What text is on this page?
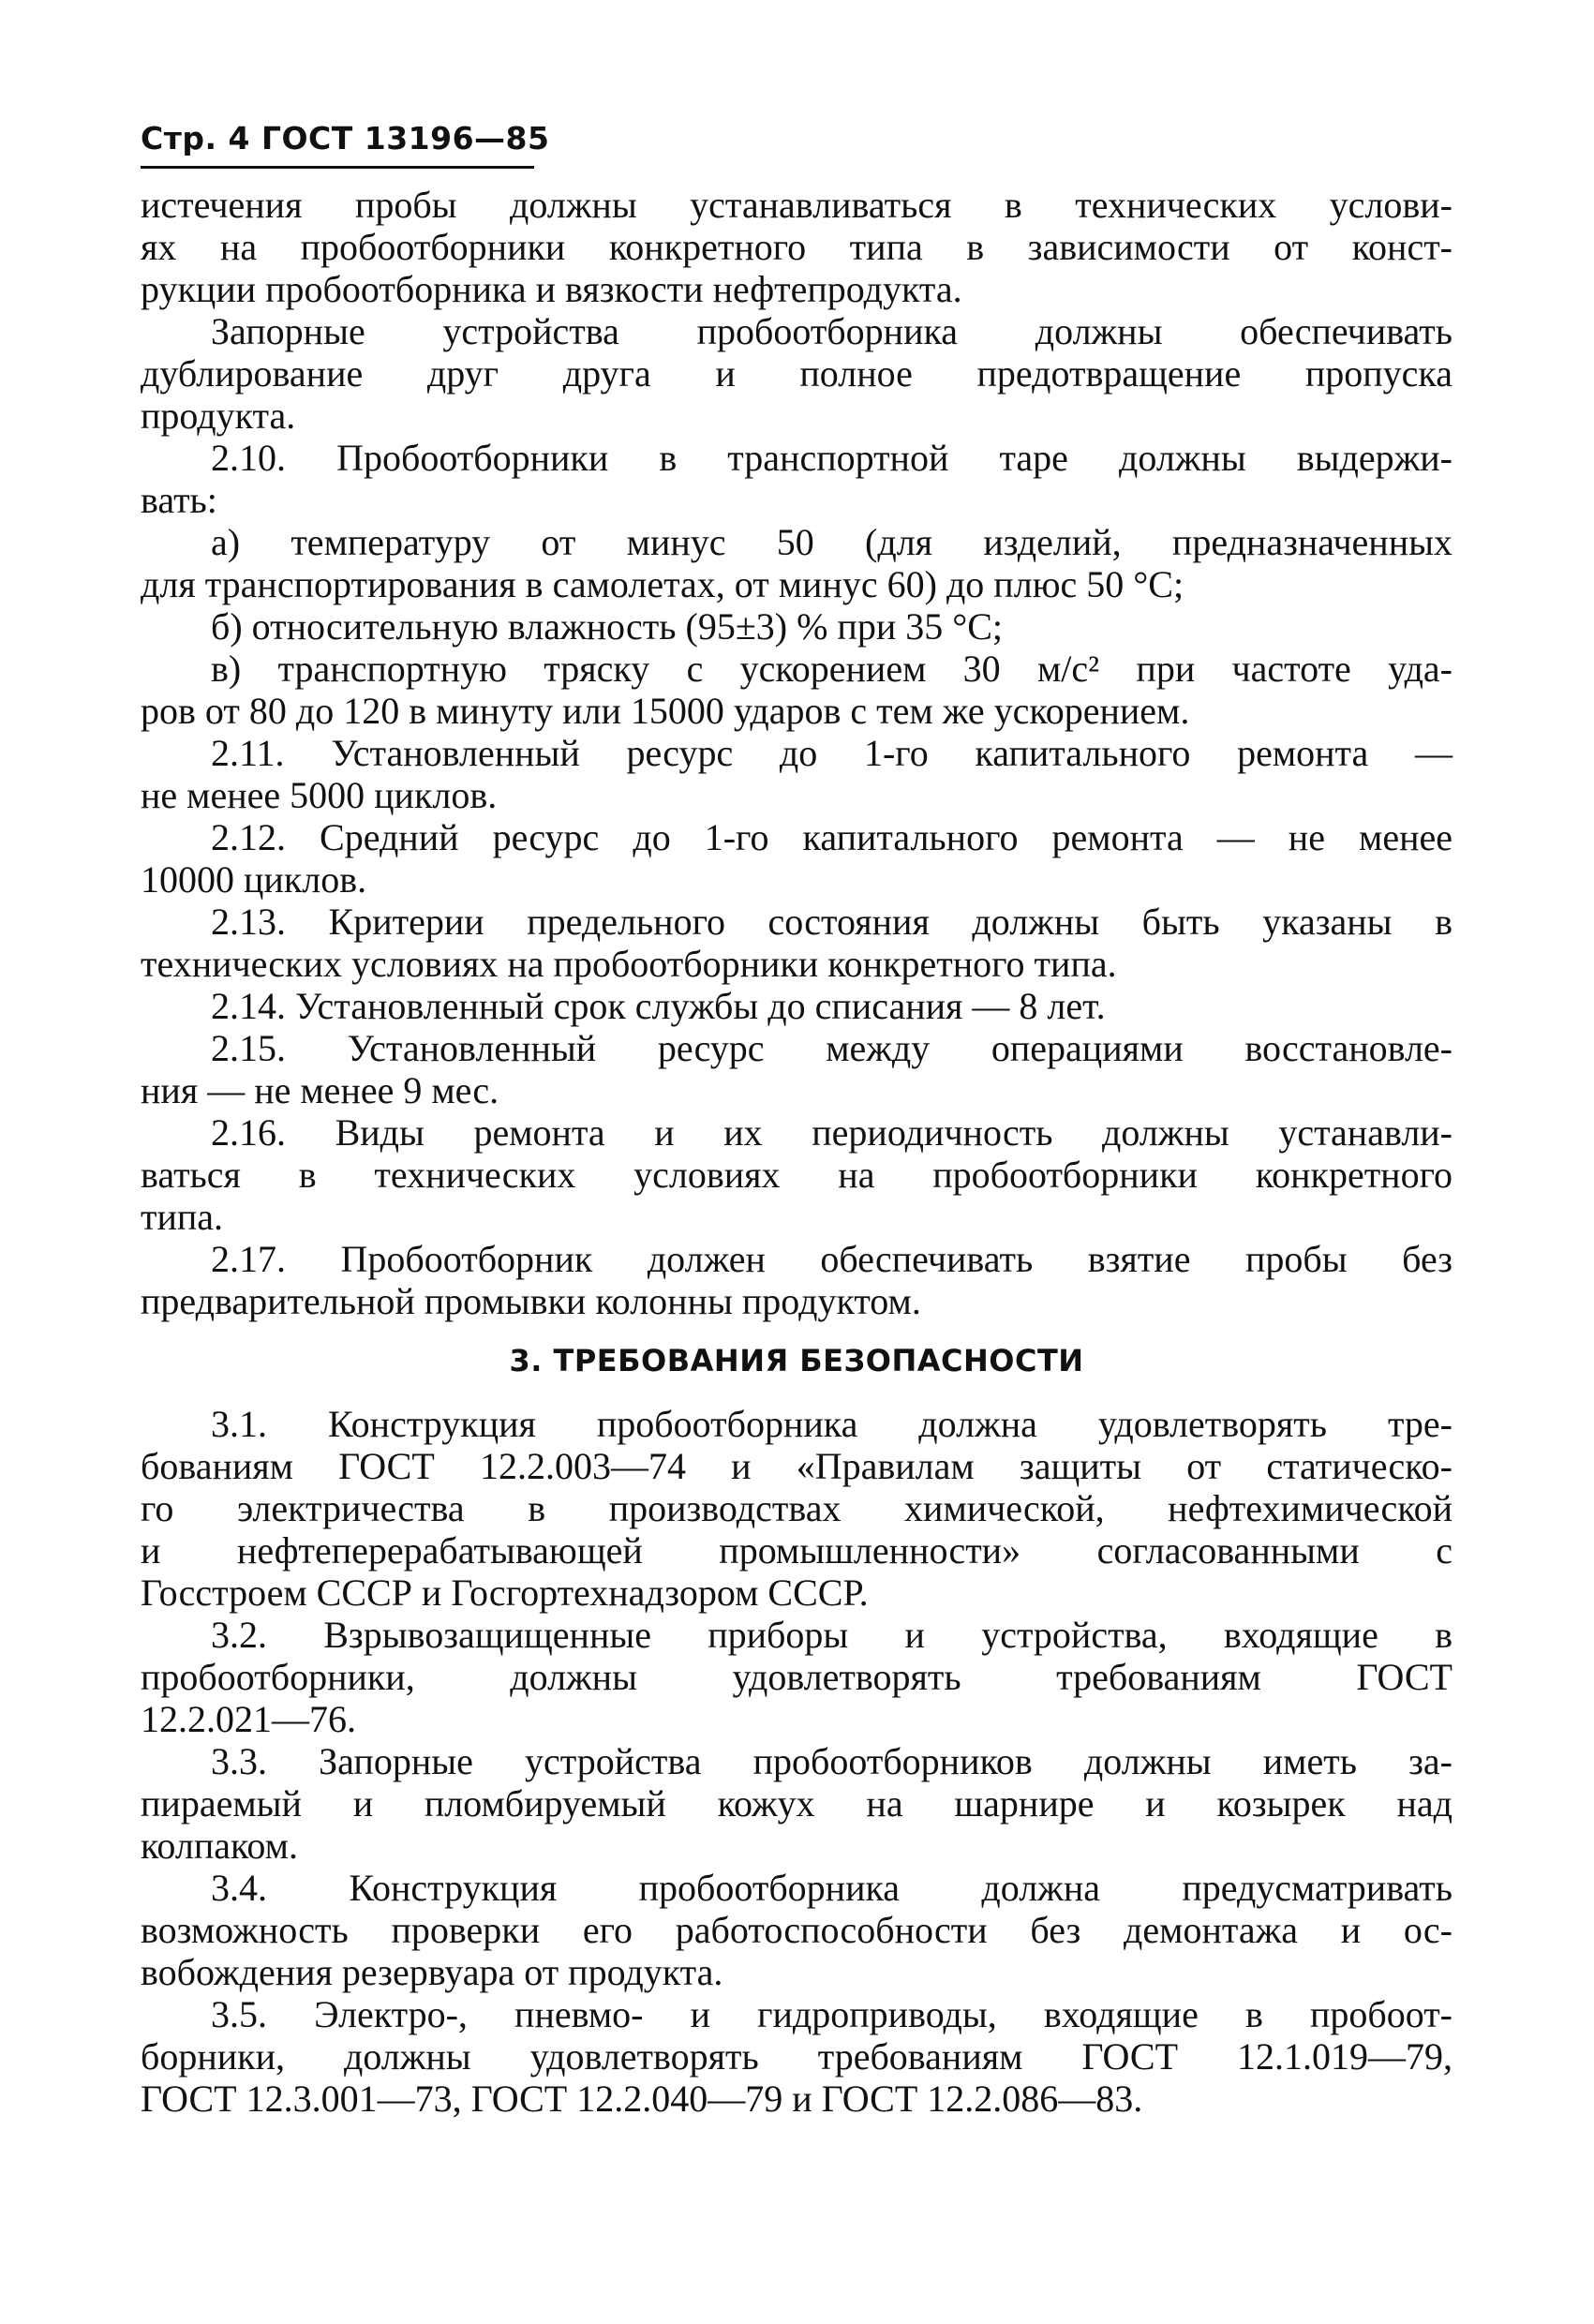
Стр. 4 ГОСТ 13196—85
истечения пробы должны устанавливаться в технических услови-
ях на пробоотборники конкретного типа в зависимости от конст-
рукции пробоотборника и вязкости нефтепродукта.
Запорные устройства пробоотборника должны обеспечивать
дублирование друг друга и полное предотвращение пропуска
продукта.
2.10. Пробоотборники в транспортной таре должны выдержи-
вать:
а) температуру от минус 50 (для изделий, предназначенных
для транспортирования в самолетах, от минус 60) до плюс 50 °С;
б) относительную влажность (95±3) % при 35 °С;
в) транспортную тряску с ускорением 30 м/с² при частоте уда-
ров от 80 до 120 в минуту или 15000 ударов с тем же ускорением.
2.11. Установленный ресурс до 1-го капитального ремонта —
не менее 5000 циклов.
2.12. Средний ресурс до 1-го капитального ремонта — не менее
10000 циклов.
2.13. Критерии предельного состояния должны быть указаны в
технических условиях на пробоотборники конкретного типа.
2.14. Установленный срок службы до списания — 8 лет.
2.15. Установленный ресурс между операциями восстановле-
ния — не менее 9 мес.
2.16. Виды ремонта и их периодичность должны устанавли-
ваться в технических условиях на пробоотборники конкретного
типа.
2.17. Пробоотборник должен обеспечивать взятие пробы без
предварительной промывки колонны продуктом.
3. ТРЕБОВАНИЯ БЕЗОПАСНОСТИ
3.1. Конструкция пробоотборника должна удовлетворять тре-
бованиям ГОСТ 12.2.003—74 и «Правилам защиты от статическо-
го электричества в производствах химической, нефтехимической
и нефтеперерабатывающей промышленности» согласованными с
Госстроем СССР и Госгортехнадзором СССР.
3.2. Взрывозащищенные приборы и устройства, входящие в
пробоотборники, должны удовлетворять требованиям ГОСТ
12.2.021—76.
3.3. Запорные устройства пробоотборников должны иметь за-
пираемый и пломбируемый кожух на шарнире и козырек над
колпаком.
3.4. Конструкция пробоотборника должна предусматривать
возможность проверки его работоспособности без демонтажа и ос-
вобождения резервуара от продукта.
3.5. Электро-, пневмо- и гидроприводы, входящие в пробоот-
борники, должны удовлетворять требованиям ГОСТ 12.1.019—79,
ГОСТ 12.3.001—73, ГОСТ 12.2.040—79 и ГОСТ 12.2.086—83.
